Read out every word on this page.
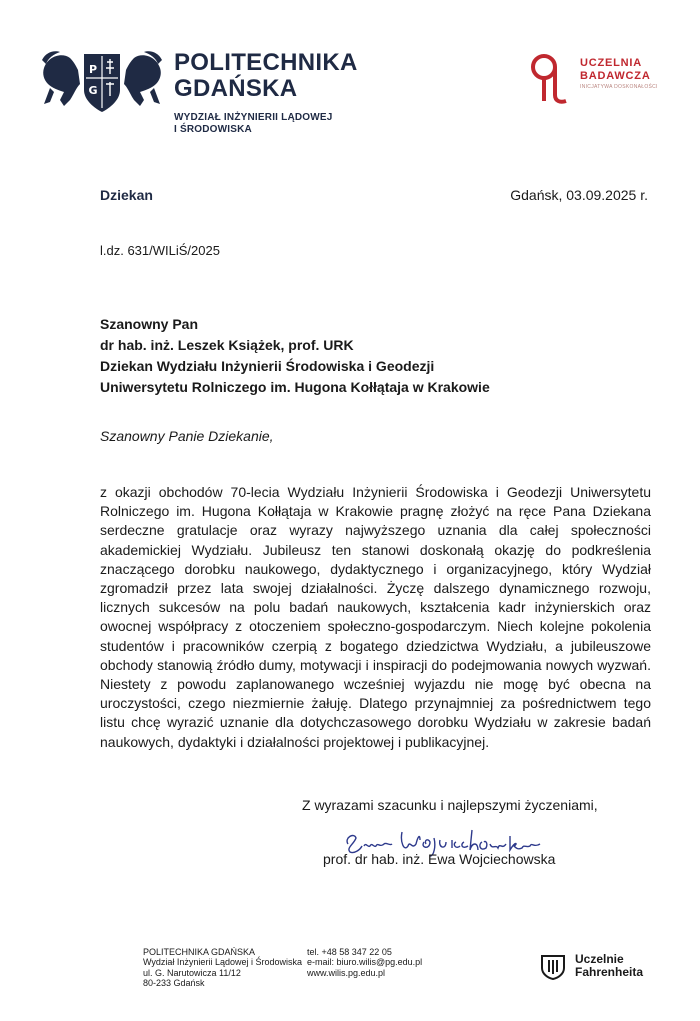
P
G
POLITECHNIKA
GDAŃSKA
WYDZIAŁ INŻYNIERII LĄDOWEJ
I ŚRODOWISKA
UCZELNIA
BADAWCZA
INICJATYWA DOSKONAŁOŚCI
Dziekan	Gdańsk, 03.09.2025 r.
l.dz. 631/WILiŚ/2025
Szanowny Pan
dr hab. inż. Leszek Książek, prof. URK
Dziekan Wydziału Inżynierii Środowiska i Geodezji
Uniwersytetu Rolniczego im. Hugona Kołłątaja w Krakowie
Szanowny Panie Dziekanie,

z okazji obchodów 70-lecia Wydziału Inżynierii Środowiska i Geodezji Uniwersytetu Rolniczego im. Hugona Kołłątaja w Krakowie pragnę złożyć na ręce Pana Dziekana serdeczne gratulacje oraz wyrazy najwyższego uznania dla całej społeczności akademickiej Wydziału. Jubileusz ten stanowi doskonałą okazję do podkreślenia znaczącego dorobku naukowego, dydaktycznego i organizacyjnego, który Wydział zgromadził przez lata swojej działalności. Życzę dalszego dynamicznego rozwoju, licznych sukcesów na polu badań naukowych, kształcenia kadr inżynierskich oraz owocnej współpracy z otoczeniem społeczno-gospodarczym. Niech kolejne pokolenia studentów i pracowników czerpią z bogatego dziedzictwa Wydziału, a jubileuszowe obchody stanowią źródło dumy, motywacji i inspiracji do podejmowania nowych wyzwań. Niestety z powodu zaplanowanego wcześniej wyjazdu nie mogę być obecna na uroczystości, czego niezmiernie żałuję. Dlatego przynajmniej za pośrednictwem tego listu chcę wyrazić uznanie dla dotychczasowego dorobku Wydziału w zakresie badań naukowych, dydaktyki i działalności projektowej i publikacyjnej.

Z wyrazami szacunku i najlepszymi życzeniami,
prof. dr hab. inż. Ewa Wojciechowska
POLITECHNIKA GDAŃSKA
Wydział Inżynierii Lądowej i Środowiska
ul. G. Narutowicza 11/12
80-233 Gdańsk
tel. +48 58 347 22 05
e-mail: biuro.wilis@pg.edu.pl
www.wilis.pg.edu.pl
Uczelnie
Fahrenheita
